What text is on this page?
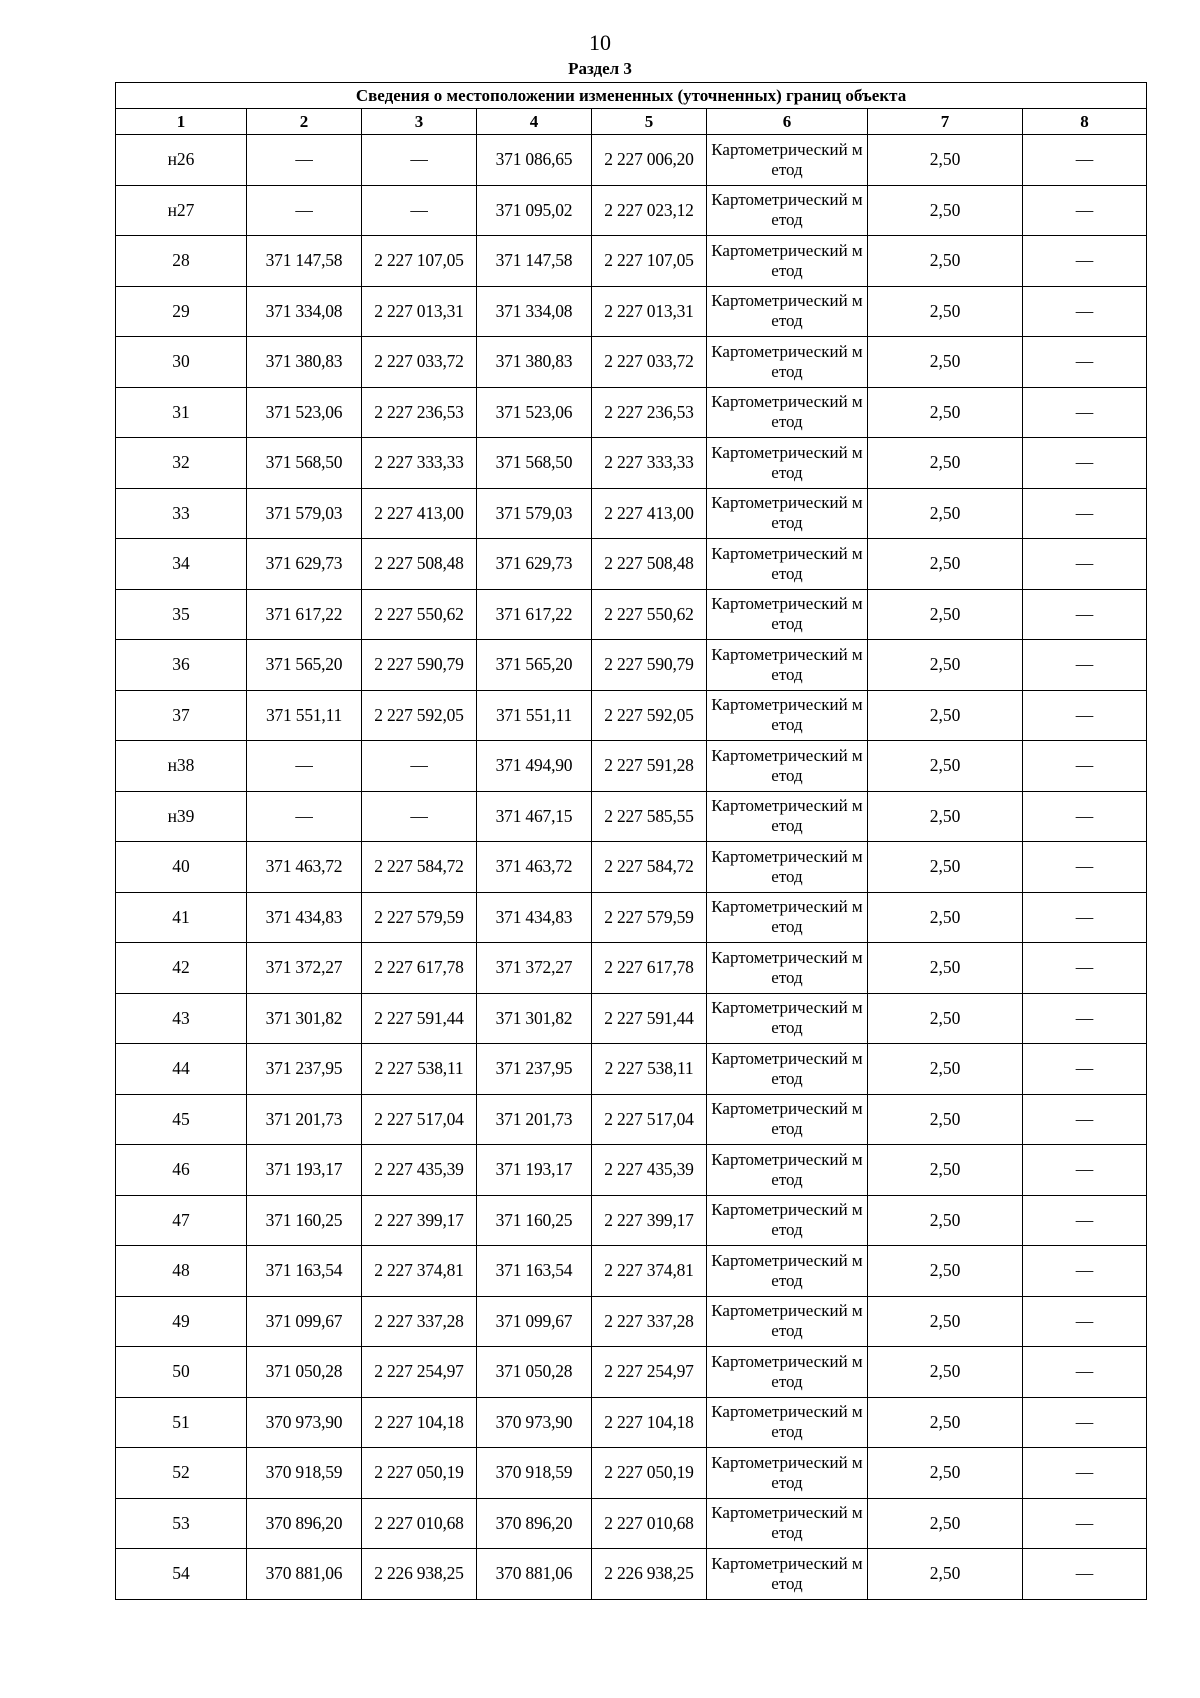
10
Раздел 3
Сведения о местоположении измененных (уточненных) границ объекта							
1	2	3	4	5	6	7	8
н26	—	—	371 086,65	2 227 006,20	Картометрический метод	2,50	—
н27	—	—	371 095,02	2 227 023,12	Картометрический метод	2,50	—
28	371 147,58	2 227 107,05	371 147,58	2 227 107,05	Картометрический метод	2,50	—
29	371 334,08	2 227 013,31	371 334,08	2 227 013,31	Картометрический метод	2,50	—
30	371 380,83	2 227 033,72	371 380,83	2 227 033,72	Картометрический метод	2,50	—
31	371 523,06	2 227 236,53	371 523,06	2 227 236,53	Картометрический метод	2,50	—
32	371 568,50	2 227 333,33	371 568,50	2 227 333,33	Картометрический метод	2,50	—
33	371 579,03	2 227 413,00	371 579,03	2 227 413,00	Картометрический метод	2,50	—
34	371 629,73	2 227 508,48	371 629,73	2 227 508,48	Картометрический метод	2,50	—
35	371 617,22	2 227 550,62	371 617,22	2 227 550,62	Картометрический метод	2,50	—
36	371 565,20	2 227 590,79	371 565,20	2 227 590,79	Картометрический метод	2,50	—
37	371 551,11	2 227 592,05	371 551,11	2 227 592,05	Картометрический метод	2,50	—
н38	—	—	371 494,90	2 227 591,28	Картометрический метод	2,50	—
н39	—	—	371 467,15	2 227 585,55	Картометрический метод	2,50	—
40	371 463,72	2 227 584,72	371 463,72	2 227 584,72	Картометрический метод	2,50	—
41	371 434,83	2 227 579,59	371 434,83	2 227 579,59	Картометрический метод	2,50	—
42	371 372,27	2 227 617,78	371 372,27	2 227 617,78	Картометрический метод	2,50	—
43	371 301,82	2 227 591,44	371 301,82	2 227 591,44	Картометрический метод	2,50	—
44	371 237,95	2 227 538,11	371 237,95	2 227 538,11	Картометрический метод	2,50	—
45	371 201,73	2 227 517,04	371 201,73	2 227 517,04	Картометрический метод	2,50	—
46	371 193,17	2 227 435,39	371 193,17	2 227 435,39	Картометрический метод	2,50	—
47	371 160,25	2 227 399,17	371 160,25	2 227 399,17	Картометрический метод	2,50	—
48	371 163,54	2 227 374,81	371 163,54	2 227 374,81	Картометрический метод	2,50	—
49	371 099,67	2 227 337,28	371 099,67	2 227 337,28	Картометрический метод	2,50	—
50	371 050,28	2 227 254,97	371 050,28	2 227 254,97	Картометрический метод	2,50	—
51	370 973,90	2 227 104,18	370 973,90	2 227 104,18	Картометрический метод	2,50	—
52	370 918,59	2 227 050,19	370 918,59	2 227 050,19	Картометрический метод	2,50	—
53	370 896,20	2 227 010,68	370 896,20	2 227 010,68	Картометрический метод	2,50	—
54	370 881,06	2 226 938,25	370 881,06	2 226 938,25	Картометрический метод	2,50	—
